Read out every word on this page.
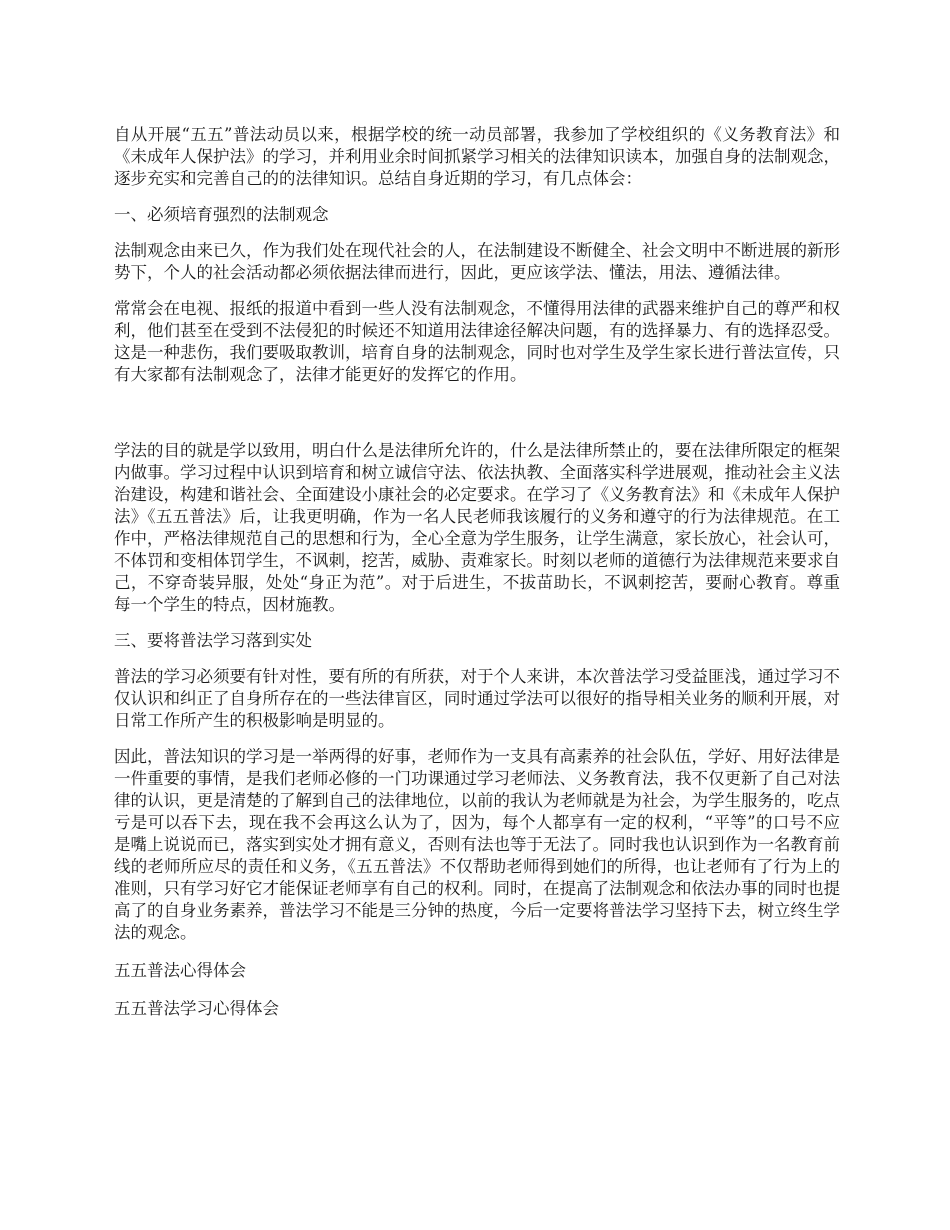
自从开展“五五”普法动员以来，根据学校的统一动员部署，我参加了学校组织的《义务教育法》和《未成年人保护法》的学习，并利用业余时间抓紧学习相关的法律知识读本，加强自身的法制观念，逐步充实和完善自己的的法律知识。总结自身近期的学习，有几点体会：

一、必须培育强烈的法制观念

法制观念由来已久，作为我们处在现代社会的人，在法制建设不断健全、社会文明中不断进展的新形势下，个人的社会活动都必须依据法律而进行，因此，更应该学法、懂法，用法、遵循法律。

常常会在电视、报纸的报道中看到一些人没有法制观念，不懂得用法律的武器来维护自己的尊严和权利，他们甚至在受到不法侵犯的时候还不知道用法律途径解决问题，有的选择暴力、有的选择忍受。这是一种悲伤，我们要吸取教训，培育自身的法制观念，同时也对学生及学生家长进行普法宣传，只有大家都有法制观念了，法律才能更好的发挥它的作用。

学法的目的就是学以致用，明白什么是法律所允许的，什么是法律所禁止的，要在法律所限定的框架内做事。学习过程中认识到培育和树立诚信守法、依法执教、全面落实科学进展观，推动社会主义法治建设，构建和谐社会、全面建设小康社会的必定要求。在学习了《义务教育法》和《未成年人保护法》《五五普法》后，让我更明确，作为一名人民老师我该履行的义务和遵守的行为法律规范。在工作中，严格法律规范自己的思想和行为，全心全意为学生服务，让学生满意，家长放心，社会认可，不体罚和变相体罚学生，不讽刺，挖苦，威胁、责难家长。时刻以老师的道德行为法律规范来要求自己，不穿奇装异服，处处“身正为范”。对于后进生，不拔苗助长，不讽刺挖苦，要耐心教育。尊重每一个学生的特点，因材施教。

三、要将普法学习落到实处

普法的学习必须要有针对性，要有所的有所获，对于个人来讲，本次普法学习受益匪浅，通过学习不仅认识和纠正了自身所存在的一些法律盲区，同时通过学法可以很好的指导相关业务的顺利开展，对日常工作所产生的积极影响是明显的。

因此，普法知识的学习是一举两得的好事，老师作为一支具有高素养的社会队伍，学好、用好法律是一件重要的事情，是我们老师必修的一门功课通过学习老师法、义务教育法，我不仅更新了自己对法律的认识，更是清楚的了解到自己的法律地位，以前的我认为老师就是为社会，为学生服务的，吃点亏是可以吞下去，现在我不会再这么认为了，因为，每个人都享有一定的权利，“平等”的口号不应是嘴上说说而已，落实到实处才拥有意义，否则有法也等于无法了。同时我也认识到作为一名教育前线的老师所应尽的责任和义务，《五五普法》不仅帮助老师得到她们的所得，也让老师有了行为上的准则，只有学习好它才能保证老师享有自己的权利。同时，在提高了法制观念和依法办事的同时也提高了的自身业务素养，普法学习不能是三分钟的热度，今后一定要将普法学习坚持下去，树立终生学法的观念。

五五普法心得体会

五五普法学习心得体会
